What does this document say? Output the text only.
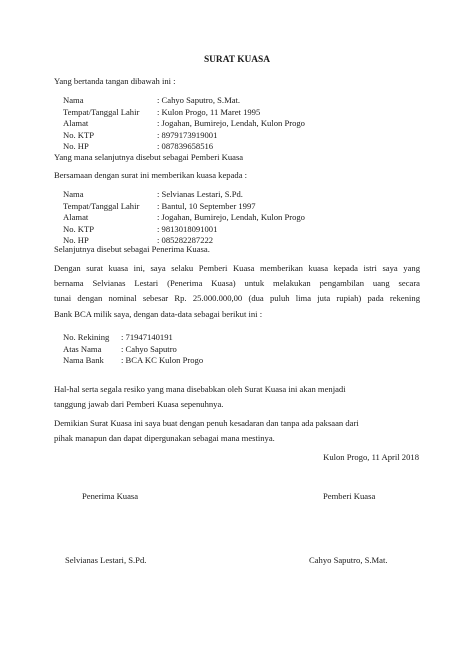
SURAT KUASA
Yang bertanda tangan dibawah ini :
Nama	: Cahyo Saputro, S.Mat.
Tempat/Tanggal Lahir : Kulon Progo, 11 Maret 1995
Alamat	: Jogahan, Bumirejo, Lendah, Kulon Progo
No. KTP	: 8979173919001
No. HP	: 087839658516
Yang mana selanjutnya disebut sebagai Pemberi Kuasa
Bersamaan dengan surat ini memberikan kuasa kepada :
Nama	: Selvianas Lestari, S.Pd.
Tempat/Tanggal Lahir : Bantul, 10 September 1997
Alamat	: Jogahan, Bumirejo, Lendah, Kulon Progo
No. KTP	: 9813018091001
No. HP	: 085282287222
Selanjutnya disebut sebagai Penerima Kuasa.
Dengan surat kuasa ini, saya selaku Pemberi Kuasa memberikan kuasa kepada istri saya yang
bernama Selvianas Lestari (Penerima Kuasa) untuk melakukan pengambilan uang secara
tunai dengan nominal sebesar Rp. 25.000.000,00 (dua puluh lima juta rupiah) pada rekening
Bank BCA milik saya, dengan data-data sebagai berikut ini :
No. Rekining : 71947140191
Atas Nama : Cahyo Saputro
Nama Bank : BCA KC Kulon Progo
Hal-hal serta segala resiko yang mana disebabkan oleh Surat Kuasa ini akan menjadi
tanggung jawab dari Pemberi Kuasa sepenuhnya.
Demikian Surat Kuasa ini saya buat dengan penuh kesadaran dan tanpa ada paksaan dari
pihak manapun dan dapat dipergunakan sebagai mana mestinya.
Kulon Progo, 11 April 2018
Penerima Kuasa	Pemberi Kuasa
Selvianas Lestari, S.Pd.	Cahyo Saputro, S.Mat.
